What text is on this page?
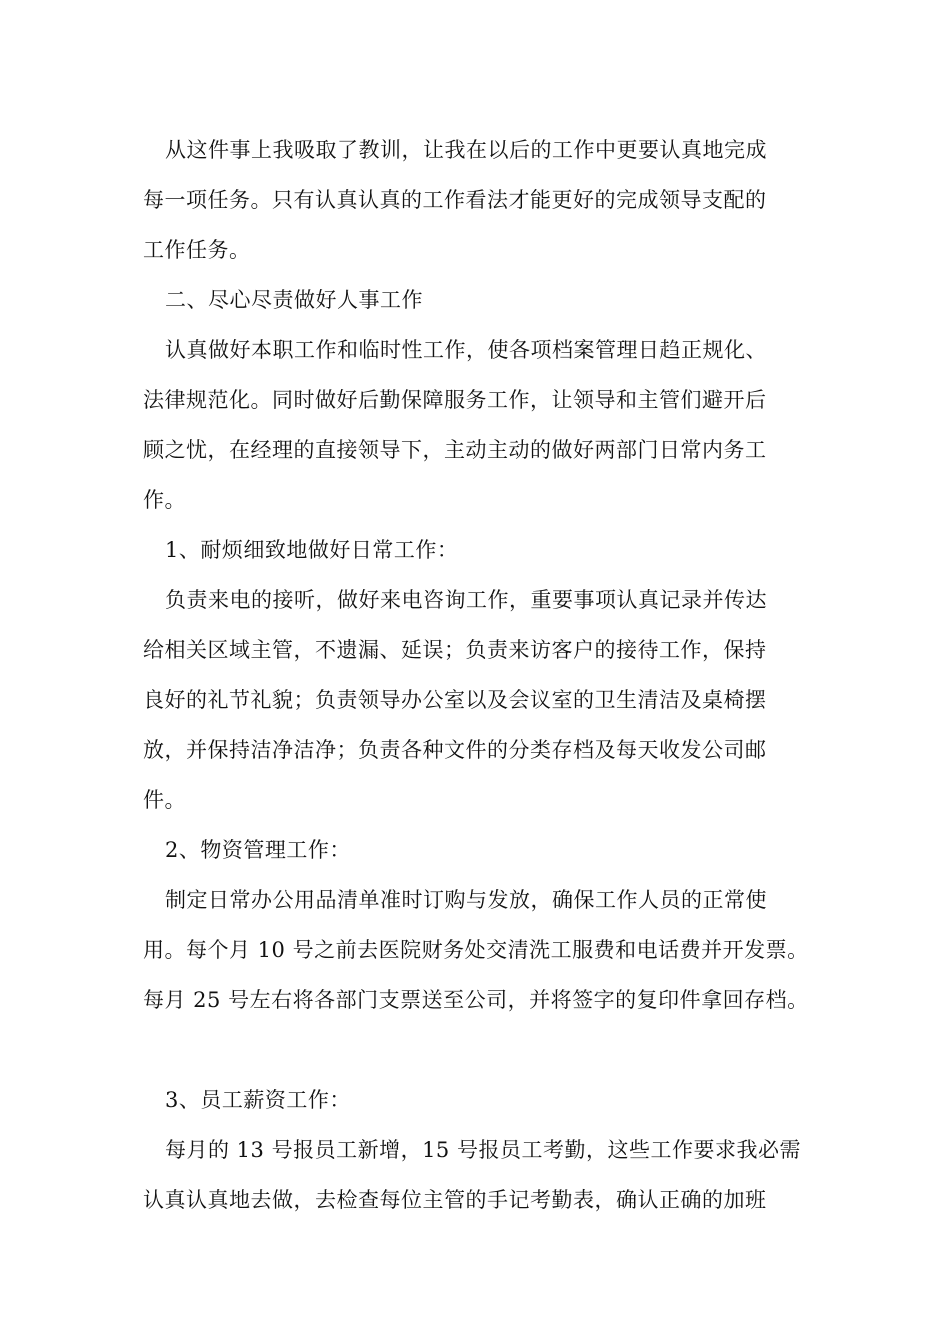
从这件事上我吸取了教训，让我在以后的工作中更要认真地完成
每一项任务。只有认真认真的工作看法才能更好的完成领导支配的
工作任务。
二、尽心尽责做好人事工作
认真做好本职工作和临时性工作，使各项档案管理日趋正规化、
法律规范化。同时做好后勤保障服务工作，让领导和主管们避开后
顾之忧，在经理的直接领导下，主动主动的做好两部门日常内务工
作。
1、耐烦细致地做好日常工作：
负责来电的接听，做好来电咨询工作，重要事项认真记录并传达
给相关区域主管，不遗漏、延误；负责来访客户的接待工作，保持
良好的礼节礼貌；负责领导办公室以及会议室的卫生清洁及桌椅摆
放，并保持洁净洁净；负责各种文件的分类存档及每天收发公司邮
件。
2、物资管理工作：
制定日常办公用品清单准时订购与发放，确保工作人员的正常使
用。每个月 10 号之前去医院财务处交清洗工服费和电话费并开发票。
每月 25 号左右将各部门支票送至公司，并将签字的复印件拿回存档。
3、员工薪资工作：
每月的 13 号报员工新增，15 号报员工考勤，这些工作要求我必需
认真认真地去做，去检查每位主管的手记考勤表，确认正确的加班
